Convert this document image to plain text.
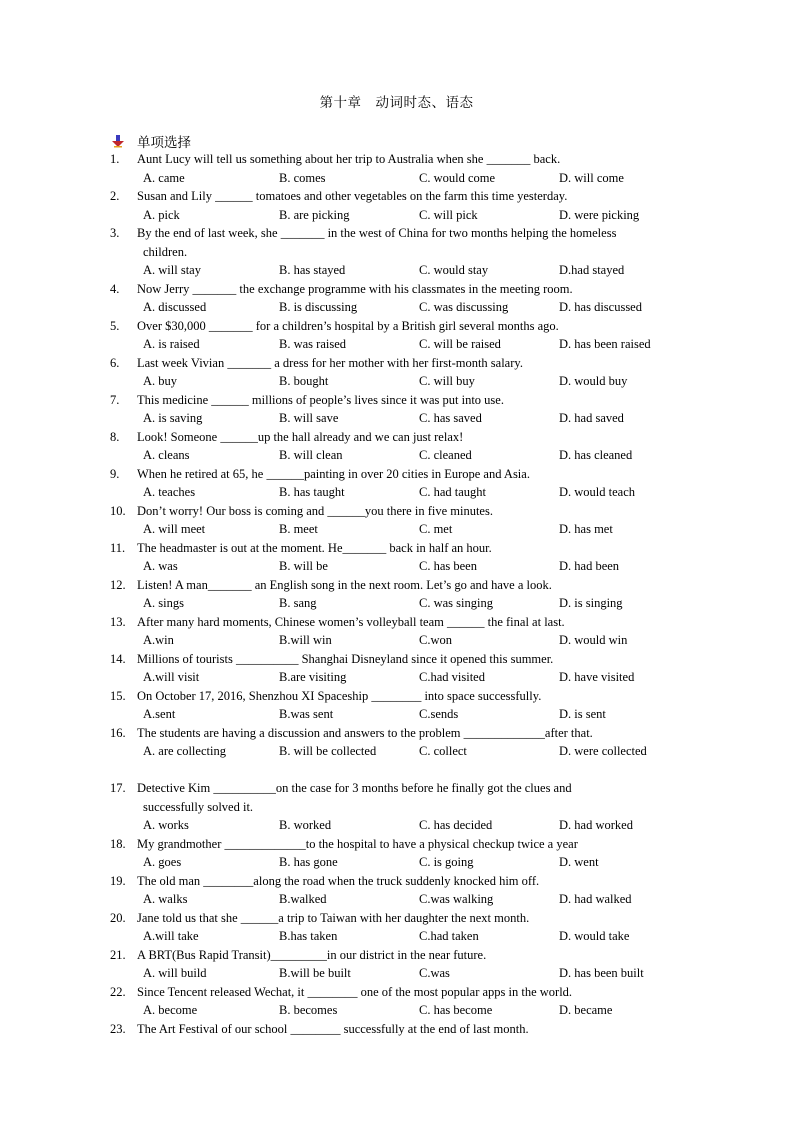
第十章　动词时态、语态
单项选择
1.	Aunt Lucy will tell us something about her trip to Australia when she _______ back.
A. came	B. comes	C. would come	D. will come
2.	Susan and Lily ______ tomatoes and other vegetables on the farm this time yesterday.
A. pick	B. are picking	C. will pick	D. were picking
3.	By the end of last week, she _______ in the west of China for two months helping the homeless
children.
A. will stay	B. has stayed	C. would stay	D.had stayed
4.	Now Jerry _______ the exchange programme with his classmates in the meeting room.
A. discussed	B. is discussing	C. was discussing	D. has discussed
5.	Over $30,000 _______ for a children’s hospital by a British girl several months ago.
A. is raised	B. was raised	C. will be raised	D. has been raised
6.	Last week Vivian _______ a dress for her mother with her first-month salary.
A. buy	B. bought	C. will buy	D. would buy
7.	This medicine ______ millions of people’s lives since it was put into use.
A. is saving	B. will save	C. has saved	D. had saved
8.	Look! Someone ______up the hall already and we can just relax!
A. cleans	B. will clean	C. cleaned	D. has cleaned
9.	When he retired at 65, he ______painting in over 20 cities in Europe and Asia.
A. teaches	B. has taught	C. had taught	D. would teach
10. Don’t worry! Our boss is coming and ______you there in five minutes.
A. will meet	B. meet	C. met	D. has met
11. The headmaster is out at the moment. He_______ back in half an hour.
A. was	B. will be	C. has been	D. had been
12. Listen! A man_______ an English song in the next room. Let’s go and have a look.
A. sings	B. sang	C. was singing	D. is singing
13. After many hard moments, Chinese women’s volleyball team ______ the final at last.
A.win	B.will win	C.won	D. would win
14. Millions of tourists __________ Shanghai Disneyland since it opened this summer.
A.will visit	B.are visiting	C.had visited	D. have visited
15. On October 17, 2016, Shenzhou XI Spaceship ________ into space successfully.
A.sent	B.was sent	C.sends	D. is sent
16. The students are having a discussion and answers to the problem _____________after that.
A. are collecting	B. will be collected	C. collect	D. were collected
17. Detective Kim __________on the case for 3 months before he finally got the clues and
successfully solved it.
A. works	B. worked	C. has decided	D. had worked
18. My grandmother _____________to the hospital to have a physical checkup twice a year
A. goes	B. has gone	C. is going	D. went
19. The old man ________along the road when the truck suddenly knocked him off.
A. walks	B.walked	C.was walking	D. had walked
20. Jane told us that she ______a trip to Taiwan with her daughter the next month.
A.will take	B.has taken	C.had taken	D. would take
21. A BRT(Bus Rapid Transit)_________in our district in the near future.
A. will build	B.will be built	C.was	D. has been built
22. Since Tencent released Wechat, it ________ one of the most popular apps in the world.
A. become	B. becomes	C. has become	D. became
23. The Art Festival of our school ________ successfully at the end of last month.
